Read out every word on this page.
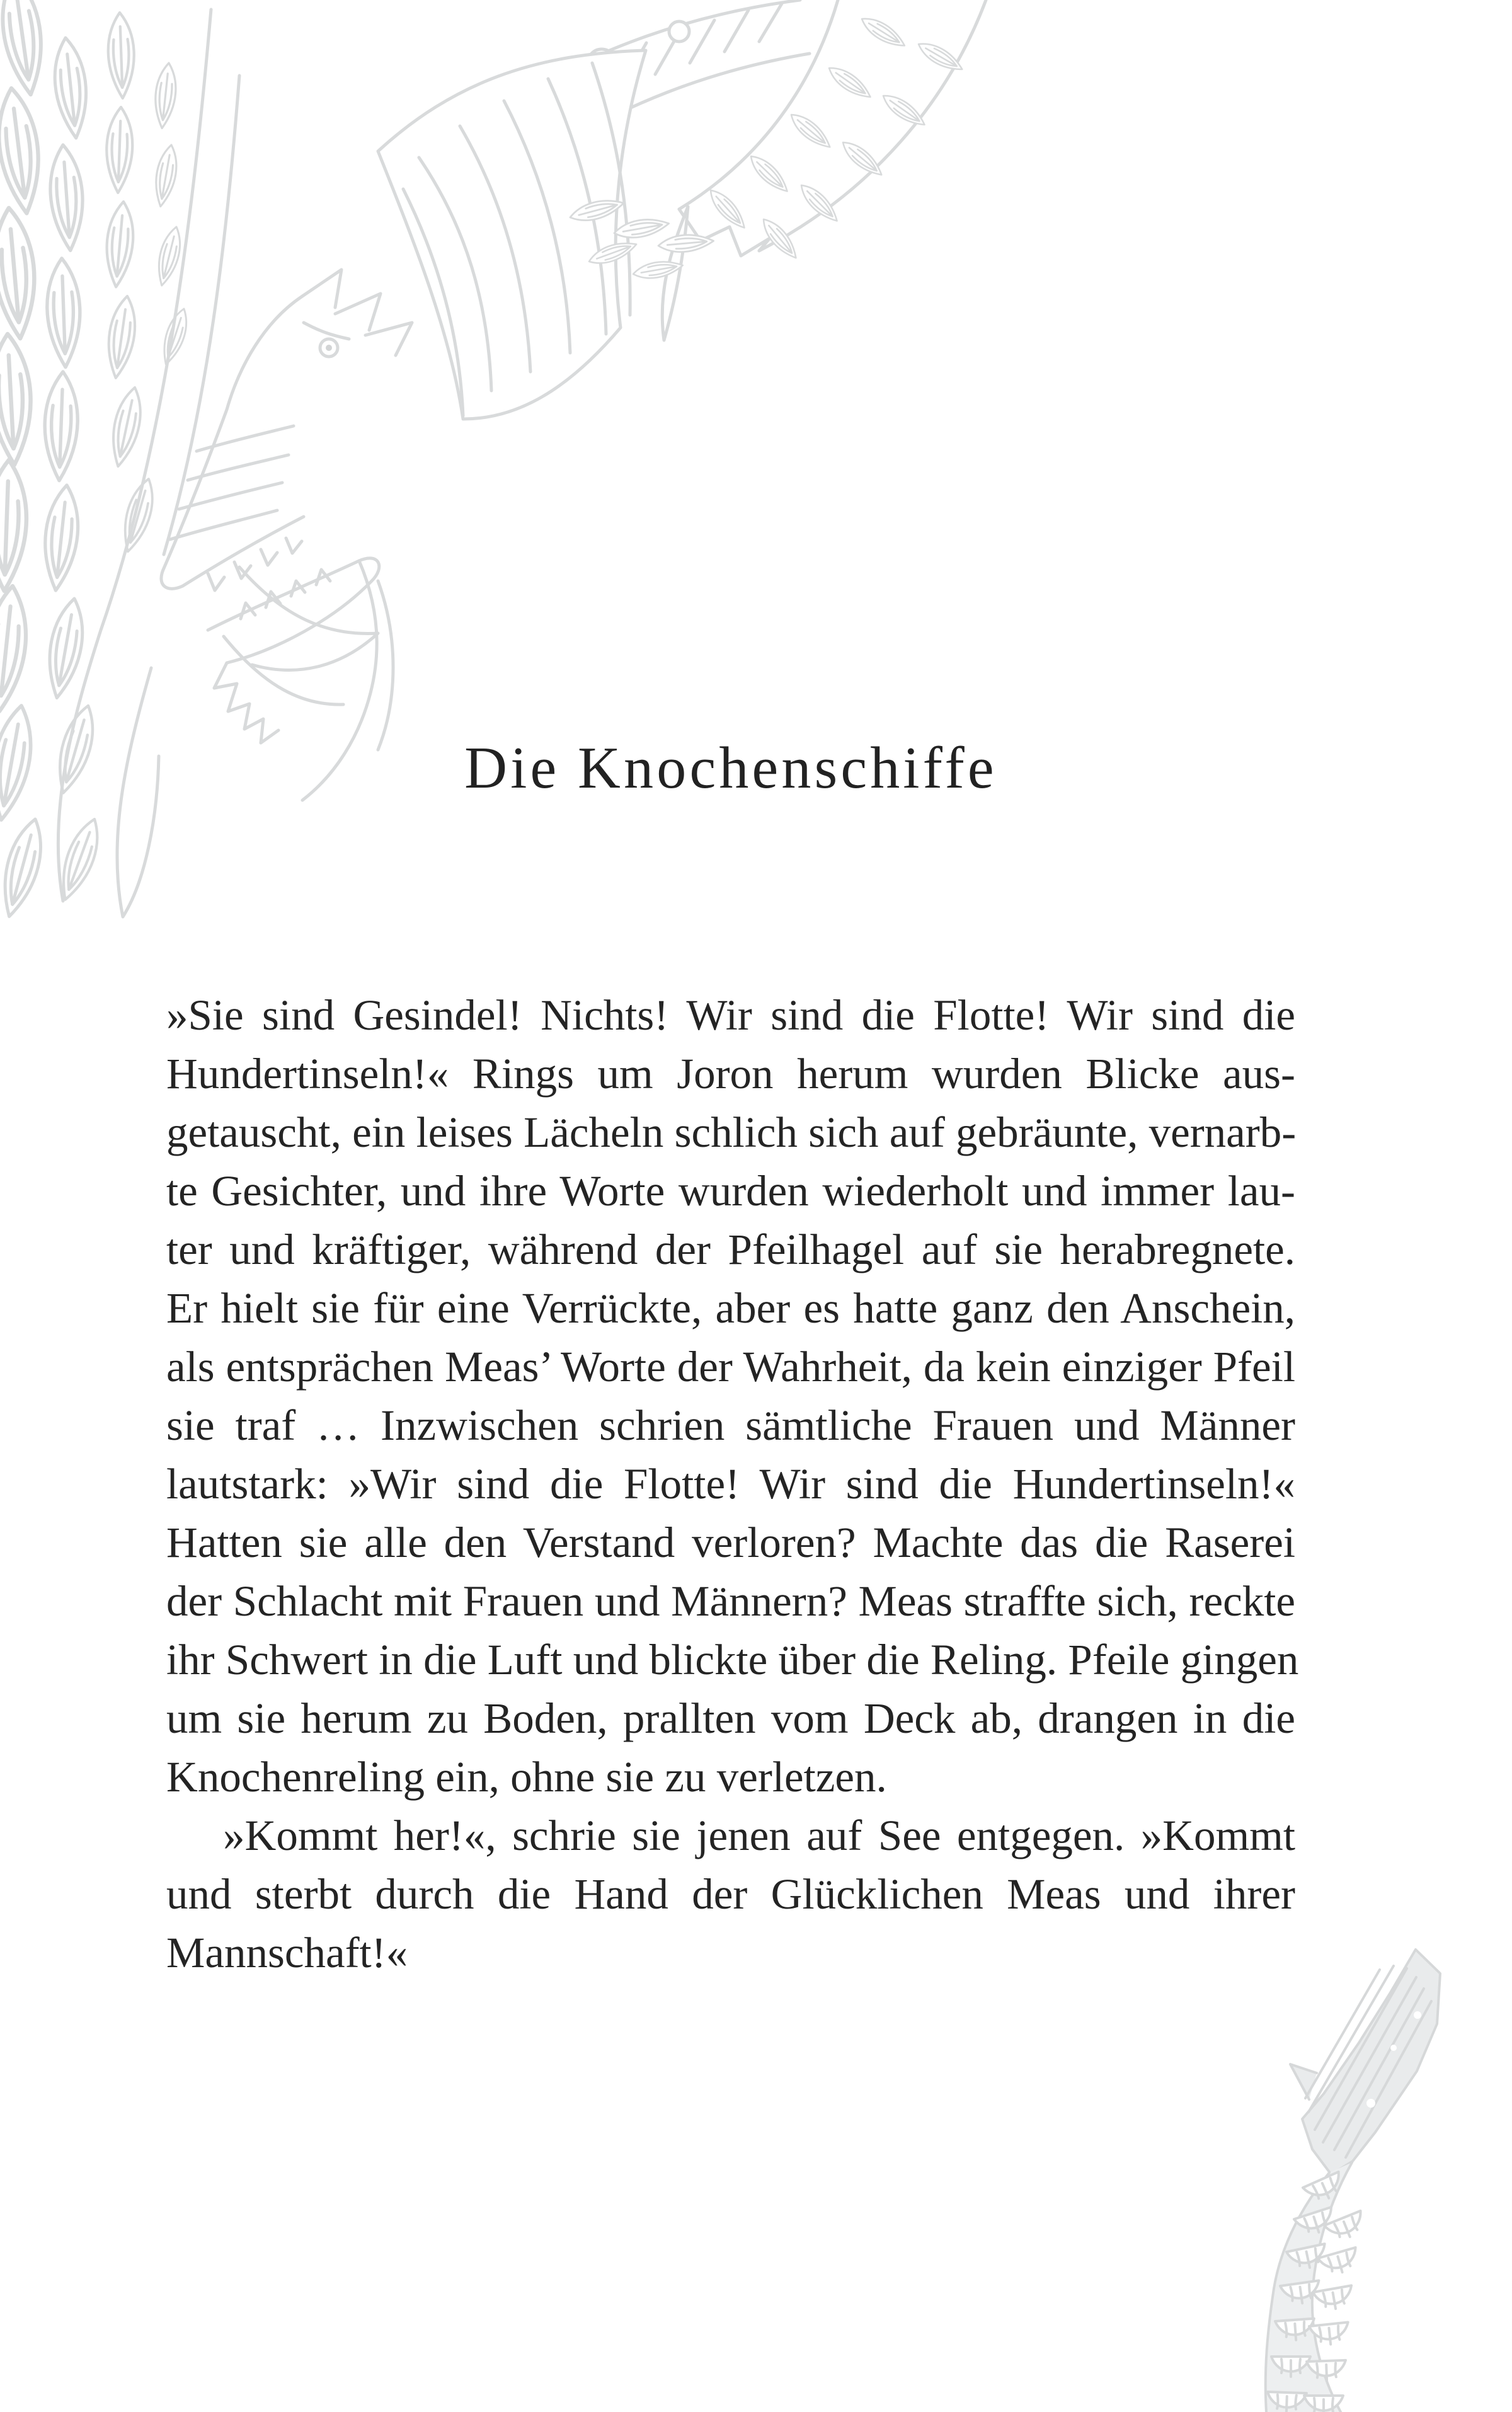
Die Knochenschiffe
»Sie sind Gesindel! Nichts! Wir sind die Flotte! Wir sind die
Hundertinseln!« Rings um Joron herum wurden Blicke aus-
getauscht, ein leises Lächeln schlich sich auf gebräunte, vernarb-
te Gesichter, und ihre Worte wurden wiederholt und immer lau-
ter und kräftiger, während der Pfeilhagel auf sie herabregnete.
Er hielt sie für eine Verrückte, aber es hatte ganz den Anschein,
als entsprächen Meas’ Worte der Wahrheit, da kein einziger Pfeil
sie traf … Inzwischen schrien sämtliche Frauen und Männer
lautstark: »Wir sind die Flotte! Wir sind die Hundertinseln!«
Hatten sie alle den Verstand verloren? Machte das die Raserei
der Schlacht mit Frauen und Männern? Meas straffte sich, reckte
ihr Schwert in die Luft und blickte über die Reling. Pfeile gingen
um sie herum zu Boden, prallten vom Deck ab, drangen in die
Knochenreling ein, ohne sie zu verletzen.
»Kommt her!«, schrie sie jenen auf See entgegen. »Kommt
und sterbt durch die Hand der Glücklichen Meas und ihrer
Mannschaft!«
